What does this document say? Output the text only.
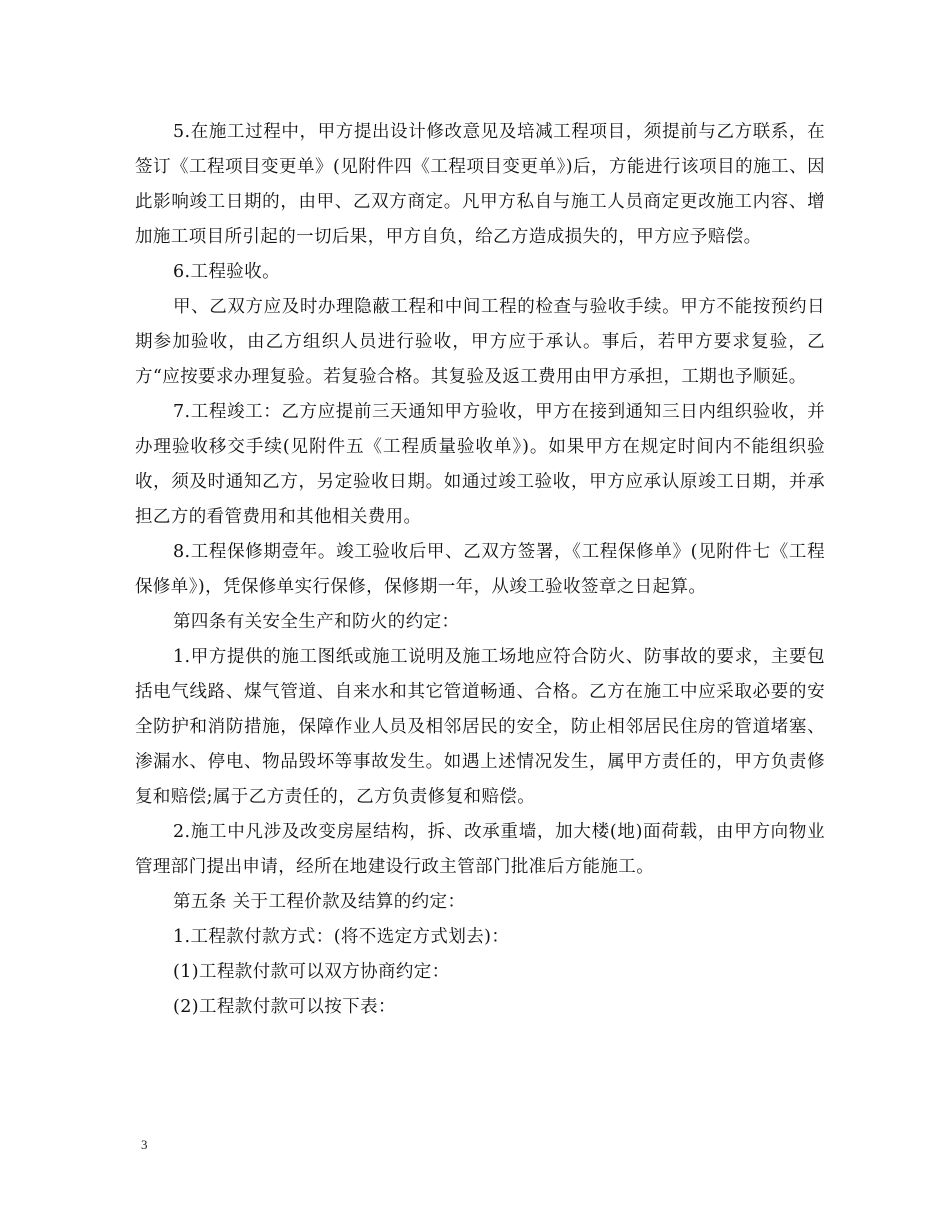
5.在施工过程中，甲方提出设计修改意见及培减工程项目，须提前与乙方联系，在签订《工程项目变更单》(见附件四《工程项目变更单》)后，方能进行该项目的施工、因此影响竣工日期的，由甲、乙双方商定。凡甲方私自与施工人员商定更改施工内容、增加施工项目所引起的一切后果，甲方自负，给乙方造成损失的，甲方应予赔偿。

6.工程验收。

甲、乙双方应及时办理隐蔽工程和中间工程的检查与验收手续。甲方不能按预约日期参加验收，由乙方组织人员进行验收，甲方应于承认。事后，若甲方要求复验，乙方“应按要求办理复验。若复验合格。其复验及返工费用由甲方承担，工期也予顺延。

7.工程竣工：乙方应提前三天通知甲方验收，甲方在接到通知三日内组织验收，并办理验收移交手续(见附件五《工程质量验收单》)。如果甲方在规定时间内不能组织验收，须及时通知乙方，另定验收日期。如通过竣工验收，甲方应承认原竣工日期，并承担乙方的看管费用和其他相关费用。

8.工程保修期壹年。竣工验收后甲、乙双方签署，《工程保修单》(见附件七《工程保修单》)，凭保修单实行保修，保修期一年，从竣工验收签章之日起算。

第四条有关安全生产和防火的约定：

1.甲方提供的施工图纸或施工说明及施工场地应符合防火、防事故的要求，主要包括电气线路、煤气管道、自来水和其它管道畅通、合格。乙方在施工中应采取必要的安全防护和消防措施，保障作业人员及相邻居民的安全，防止相邻居民住房的管道堵塞、渗漏水、停电、物品毁坏等事故发生。如遇上述情况发生，属甲方责任的，甲方负责修复和赔偿;属于乙方责任的，乙方负责修复和赔偿。

2.施工中凡涉及改变房屋结构，拆、改承重墙，加大楼(地)面荷载，由甲方向物业管理部门提出申请，经所在地建设行政主管部门批准后方能施工。

第五条 关于工程价款及结算的约定：

1.工程款付款方式：(将不选定方式划去)：

(1)工程款付款可以双方协商约定：

(2)工程款付款可以按下表：

3
